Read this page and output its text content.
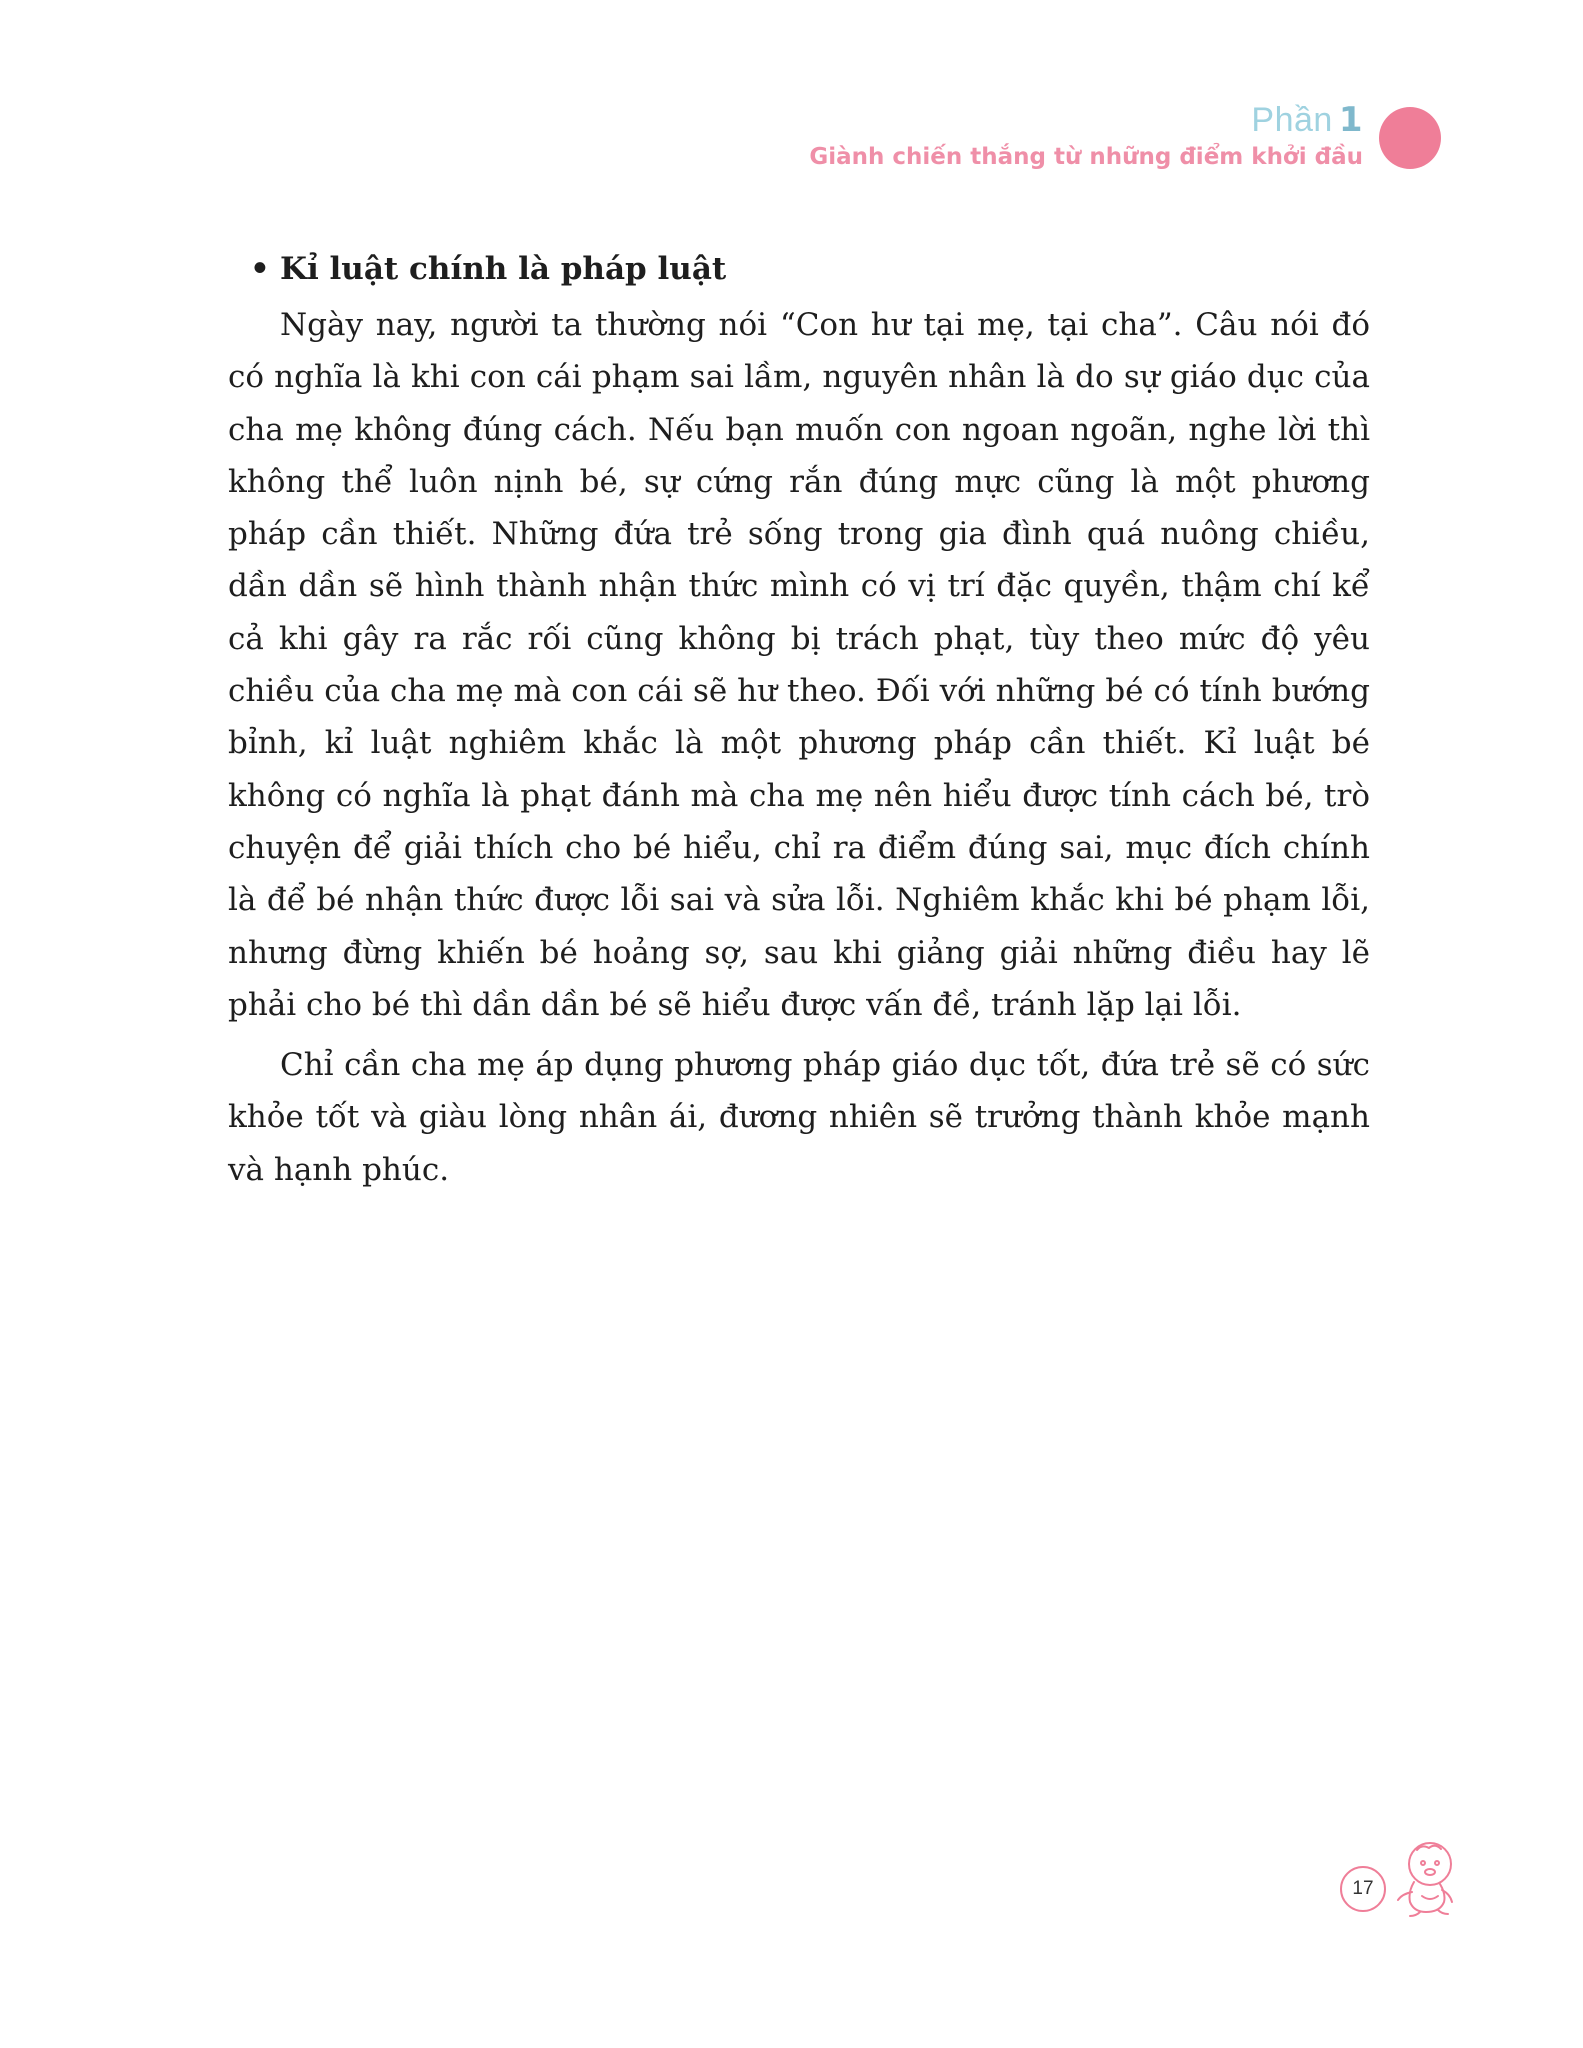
Phần 1
Giành chiến thắng từ những điểm khởi đầu
• Kỉ luật chính là pháp luật

Ngày nay, người ta thường nói “Con hư tại mẹ, tại cha”. Câu nói đó có nghĩa là khi con cái phạm sai lầm, nguyên nhân là do sự giáo dục của cha mẹ không đúng cách. Nếu bạn muốn con ngoan ngoãn, nghe lời thì không thể luôn nịnh bé, sự cứng rắn đúng mực cũng là một phương pháp cần thiết. Những đứa trẻ sống trong gia đình quá nuông chiều, dần dần sẽ hình thành nhận thức mình có vị trí đặc quyền, thậm chí kể cả khi gây ra rắc rối cũng không bị trách phạt, tùy theo mức độ yêu chiều của cha mẹ mà con cái sẽ hư theo. Đối với những bé có tính bướng bỉnh, kỉ luật nghiêm khắc là một phương pháp cần thiết. Kỉ luật bé không có nghĩa là phạt đánh mà cha mẹ nên hiểu được tính cách bé, trò chuyện để giải thích cho bé hiểu, chỉ ra điểm đúng sai, mục đích chính là để bé nhận thức được lỗi sai và sửa lỗi. Nghiêm khắc khi bé phạm lỗi, nhưng đừng khiến bé hoảng sợ, sau khi giảng giải những điều hay lẽ phải cho bé thì dần dần bé sẽ hiểu được vấn đề, tránh lặp lại lỗi.

Chỉ cần cha mẹ áp dụng phương pháp giáo dục tốt, đứa trẻ sẽ có sức khỏe tốt và giàu lòng nhân ái, đương nhiên sẽ trưởng thành khỏe mạnh và hạnh phúc.

17
